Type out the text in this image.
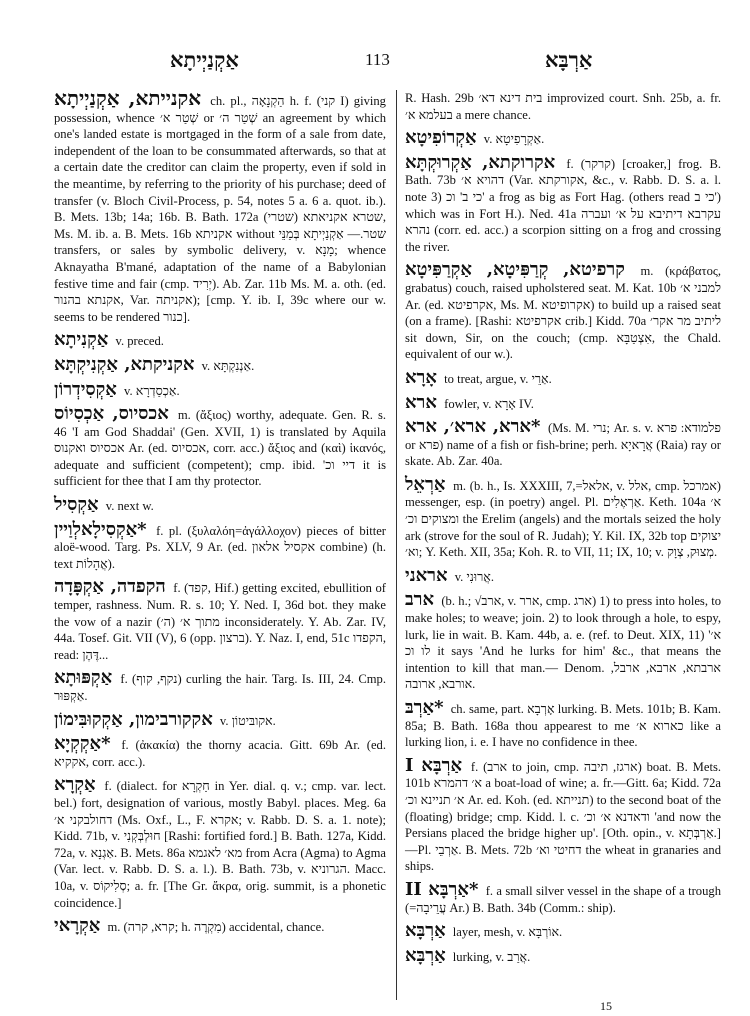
אַקְנַיְיתָא	113	אַרְבָּא

אקנייתא, אַקְנַיְיתָא ch. pl., הַקְנָאָה h. f. (קני I) giving possession, whence שְׁטַר א׳ or שְׁטַר ה׳ an agreement by which one's landed estate is mortgaged in the form of a sale from date, independent of the loan to be consummated afterwards, so that at a certain date the creditor can claim the property, even if sold in the meantime, by referring to the priority of his purchase; deed of transfer (v. Bloch Civil-Process, p. 54, notes 5 a. 6 a. quot. ib.). B. Mets. 13b; 14a; 16b. B. Bath. 172a שטרא אקניאתא (שטרי), Ms. M. ib. a. B. Mets. 16b אקניתא without שטר.— אַקְנַיְיתָא בְּמַנֵּי transfers, or sales by symbolic delivery, v. מָנָא; whence Aknayatha B'mané, adaptation of the name of a Babylonian festive time and fair (cmp. יְרִיד). Ab. Zar. 11b Ms. M. a. oth. (ed. אקנתא בהנור, Var. אקניתה); [cmp. Y. ib. I, 39c where our w. seems to be rendered כנור].

אַקְנִיתָא v. preced.

אקניקתא, אַקְנִיקְתָּא v. אַנְנִקְתָּא.

אַקְסִידְרוֹן v. אַכְסַדְרָא.

אכסיוס, אַכְסִיוֹס m. (ἄξιος) worthy, adequate. Gen. R. s. 46 'I am God Shaddai' (Gen. XVII, 1) is translated by Aquila אכסיוס ואקנוס Ar. (ed. אכסיוס, corr. acc.) ἄξιος and (καὶ) ἱκανός, adequate and sufficient (competent); cmp. ibid. 'דיי וכ it is sufficient for thee that I am thy protector.

אַקְסִיל v. next w.

*אַקְסִילָאלְוַיין f. pl. (ξυλαλόη=ἀγάλλοχον) pieces of bitter aloë-wood. Targ. Ps. XLV, 9 Ar. (ed. אקסיל אלאון combine) (h. text אֲהָלוֹת).

הקפדה, אַקְפָּדָה f. (קפד, Hif.) getting excited, ebullition of temper, rashness. Num. R. s. 10; Y. Ned. I, 36d bot. they make the vow of a nazir (ה׳) מתוך א׳ inconsiderately. Y. Ab. Zar. IV, 44a. Tosef. Git. VII (V), 6 (opp. ברצון). Y. Naz. I, end, 51c הקפדו, read: דֶּהֶן...

אַקְפּוּתָא f. (נקף, קוף) curling the hair. Targ. Is. III, 24. Cmp. אַקְפּוּר.

אקקורבימון, אַקְקוּבִּימוֹן v. אקובּיטוֹן.

*אַקְקְיָא f. (ἀκακία) the thorny acacia. Gitt. 69b Ar. (ed. אקקיא, corr. acc.).

אַקְרָא f. (dialect. for חַקְרָא in Yer. dial. q. v.; cmp. var. lect. bel.) fort, designation of various, mostly Babyl. places. Meg. 6a דחולבקני א׳ (Ms. Oxf., L., F. אקרא; v. Rabb. D. S. a. 1. note); Kidd. 71b, v. חוּלְבְּקְנִי [Rashi: fortified ford.] B. Bath. 127a, Kidd. 72a, v. אַגְנָא. B. Mets. 86a מא׳ לאגמא from Acra (Agma) to Agma (Var. lect. v. Rabb. D. S. a. l.). B. Bath. 73b, v. הגרוניא. Macc. 10a, v. סְלִיקוֹס; a. fr. [The Gr. ἄκρα, orig. summit, is a phonetic coincidence.]

אַקְרָאי m. (קרא, קרה; h. מִקְרֶה) accidental, chance.

R. Hash. 29b בית דינא דא׳ improvized court. Snh. 25b, a. fr. בעלמא א׳ a mere chance.

אַקְרוֹפִיטָא v. אַקְרָפִיטָא.

אקרוקתא, אַקְרוּקְתָּא f. (קרקר) [croaker,] frog. B. Bath. 73b דהויא א׳ (Var. אקורקתא, &c., v. Rabb. D. S. a. l. note 3) כי ב' וכ' a frog as big as Fort Hag. (others read כי ב') which was in Fort H.). Ned. 41a עקרבא דיתיבא על א׳ ועברה נהרא (corr. ed. acc.) a scorpion sitting on a frog and crossing the river.

קרפיטא, קְרַפִּיטָא, אַקְרַפִּיטָא m. (κράβατος, grabatus) couch, raised upholstered seat. M. Kat. 10b למבני א׳ Ar. (ed. אקרפיטא, Ms. M. אקרופיטא) to build up a raised seat (on a frame). [Rashi: אקרפיטא crib.] Kidd. 70a ליתיב מר אקר׳ sit down, Sir, on the couch; (cmp. אִצְטַבָּא, the Chald. equivalent of our w.).

אָרָא to treat, argue, v. אַרֵי.

ארא fowler, v. אָרָא IV.

*ארא, ארא׳, ארא (Ms. M. נרי; Ar. s. v. פלמודא: פרא or פרא) name of a fish or fish-brine; perh. אֲרָאיָא (Raia) ray or skate. Ab. Zar. 40a.

אַרְאֵל m. (b. h., Is. XXXIII, 7,=אלאל, v. אלל, cmp. אמרכל) messenger, esp. (in poetry) angel. Pl. אַרְאֶלִים. Keth. 104a א׳ ומצוקים וכ׳ the Erelim (angels) and the mortals seized the holy ark (strove for the soul of R. Judah); Y. Kil. IX, 32b top יצוקים וא׳; Y. Keth. XII, 35a; Koh. R. to VII, 11; IX, 10; v. מְצוּק, צְוָק.

אראני v. אֲרוּנִי.

ארב (b. h.; √ארב, v. ארר, cmp. ארג) 1) to press into holes, to make holes; to weave; join. 2) to look through a hole, to espy, lurk, lie in wait. B. Kam. 44b, a. e. (ref. to Deut. XIX, 11) 'א׳ לו וכ it says 'And he lurks for him' &c., that means the intention to kill that man.— Denom. ארבתא, ארבא, ארבל, אורבא, ארובה.

*אַרְבּ ch. same, part. אָרְבָא lurking. B. Mets. 101b; B. Kam. 85a; B. Bath. 168a thou appearest to me כארוא א׳ like a lurking lion, i. e. I have no confidence in thee.

אַרְבָּא I f. (ארב to join, cmp. ארגז, תיבה) boat. B. Mets. 101b א׳ דהמרא a boat-load of wine; a. fr.—Gitt. 6a; Kidd. 72a א׳ תניינא וכ׳ Ar. ed. Koh. (ed. תנייתא) to the second boat of the (floating) bridge; cmp. Kidd. l. c. ודאדנא א׳ וכ׳ 'and now the Persians placed the bridge higher up'. [Oth. opin., v. אַרְבְּתָא.]—Pl. אַרְבֵי. B. Mets. 72b דחיטי וא׳ the wheat in granaries and ships.

*אַרְבָּא II f. a small silver vessel in the shape of a trough (=עֲרֵיבָה Ar.) B. Bath. 34b (Comm.: ship).

אַרְבָּא layer, mesh, v. אוֹרְבָּא.

אַרְבָּא lurking, v. אֲרַב.

15
